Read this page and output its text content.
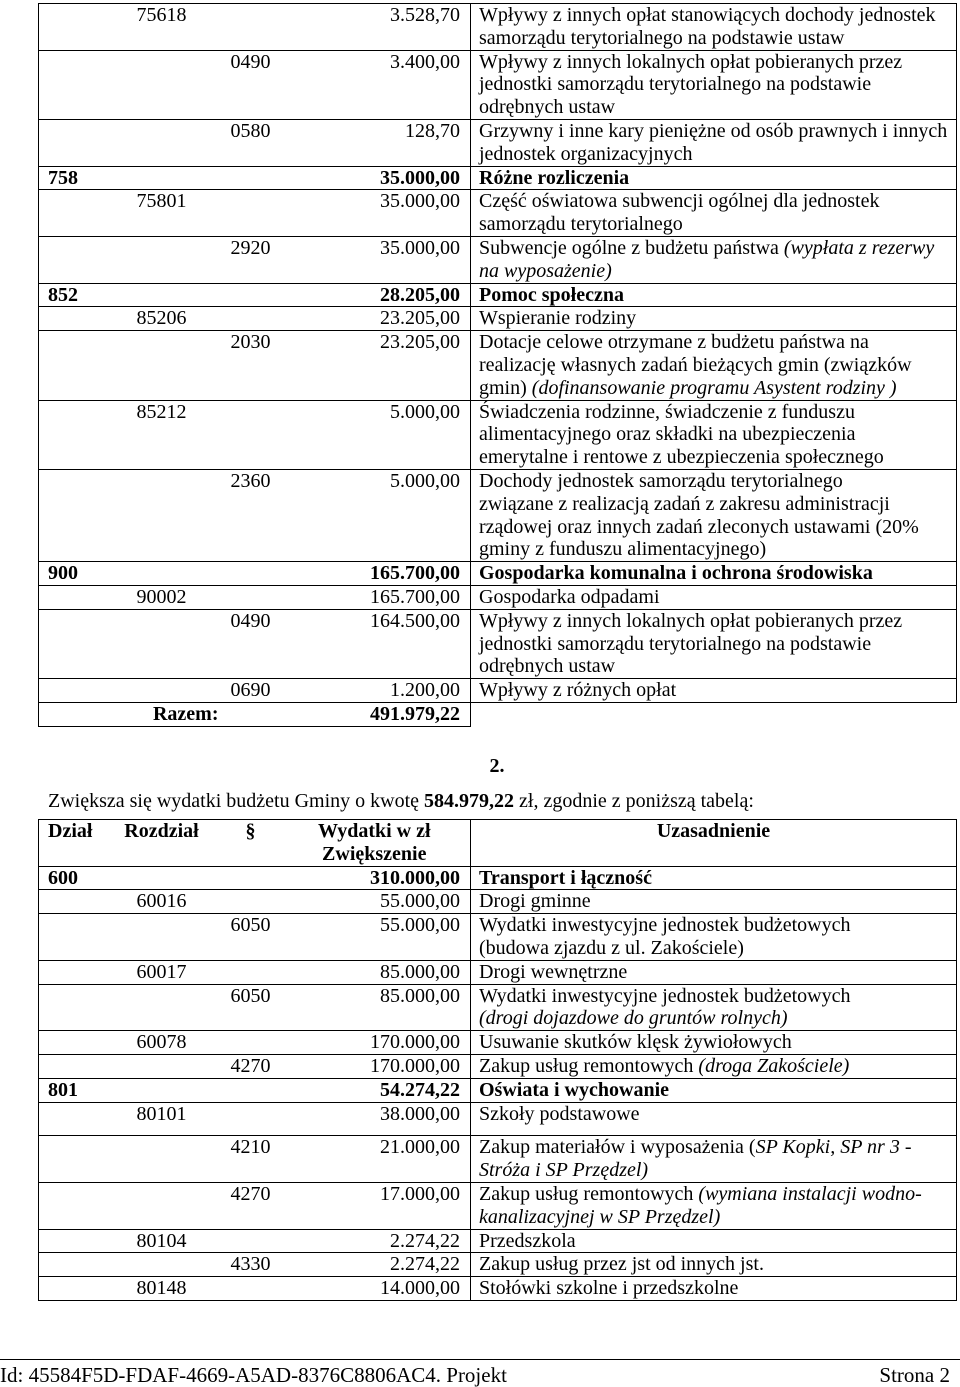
	75618		3.528,70	Wpływy z innych opłat stanowiących dochody jednostek
samorządu terytorialnego na podstawie ustaw

		0490	3.400,00	Wpływy z innych lokalnych opłat pobieranych przez
jednostki samorządu terytorialnego na podstawie
odrębnych ustaw

		0580	128,70	Grzywny i inne kary pieniężne od osób prawnych i innych
jednostek organizacyjnych

758			35.000,00	Różne rozliczenia

	75801		35.000,00	Część oświatowa subwencji ogólnej dla jednostek
samorządu terytorialnego

		2920	35.000,00	Subwencje ogólne z budżetu państwa (wypłata z rezerwy
na wyposażenie)

852			28.205,00	Pomoc społeczna

	85206		23.205,00	Wspieranie rodziny

		2030	23.205,00	Dotacje celowe otrzymane z budżetu państwa na
realizację własnych zadań bieżących gmin (związków
gmin) (dofinansowanie programu Asystent rodziny )

	85212		5.000,00	Świadczenia rodzinne, świadczenie z funduszu
alimentacyjnego oraz składki na ubezpieczenia
emerytalne i rentowe z ubezpieczenia społecznego

		2360	5.000,00	Dochody jednostek samorządu terytorialnego
związane z realizacją zadań z zakresu administracji
rządowej oraz innych zadań zleconych ustawami (20%
gminy z funduszu alimentacyjnego)

900			165.700,00	Gospodarka komunalna i ochrona środowiska

	90002		165.700,00	Gospodarka odpadami

		0490	164.500,00	Wpływy z innych lokalnych opłat pobieranych przez
jednostki samorządu terytorialnego na podstawie
odrębnych ustaw

		0690	1.200,00	Wpływy z różnych opłat

Razem:			491.979,22	
2.
Zwiększa się wydatki budżetu Gminy o kwotę 584.979,22 zł, zgodnie z poniższą tabelą:
Dział	Rozdział	§	Wydatki w zł
Zwiększenie	Uzasadnienie
600			310.000,00	Transport i łączność

	60016		55.000,00	Drogi gminne

		6050	55.000,00	Wydatki inwestycyjne jednostek budżetowych
(budowa zjazdu z ul. Zakościele)

	60017		85.000,00	Drogi wewnętrzne

		6050	85.000,00	Wydatki inwestycyjne jednostek budżetowych
(drogi dojazdowe do gruntów rolnych)

	60078		170.000,00	Usuwanie skutków klęsk żywiołowych

		4270	170.000,00	Zakup usług remontowych (droga Zakościele)

801			54.274,22	Oświata i wychowanie

	80101		38.000,00	Szkoły podstawowe

		4210	21.000,00	Zakup materiałów i wyposażenia (SP Kopki, SP nr 3 -
Stróża i SP Przędzel)

		4270	17.000,00	Zakup usług remontowych (wymiana instalacji wodno-
kanalizacyjnej w SP Przędzel)

	80104		2.274,22	Przedszkola

		4330	2.274,22	Zakup usług przez jst od innych jst.

	80148		14.000,00	Stołówki szkolne i przedszkolne
Id: 45584F5D-FDAF-4669-A5AD-8376C8806AC4. Projekt	Strona 2
